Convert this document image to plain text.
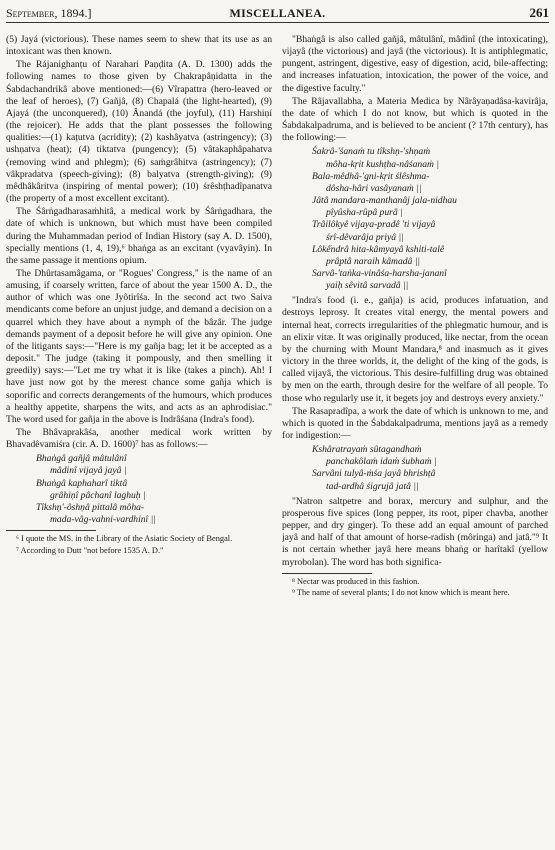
September, 1894.]	MISCELLANEA.	261

(5) Jayá (victorious). These names seem to shew that its use as an intoxicant was then known.

The Rájanighanṭu of Narahari Paṇḍita (A. D. 1300) adds the following names to those given by Chakrapâṇidatta in the Śabdachandrikâ above mentioned:—(6) Vîrapattra (hero-leaved or the leaf of heroes), (7) Gañjâ, (8) Chapalá (the light-hearted), (9) Ajayá (the unconquered), (10) Ânandá (the joyful), (11) Harshiṇí (the rejoicer). He adds that the plant possesses the following qualities:—(1) kaṭutva (acridity); (2) kashâyatva (astringency); (3) ushṇatva (heat); (4) tiktatva (pungency); (5) vâtakaphâpahatva (removing wind and phlegm); (6) saṁgrâhitva (astringency); (7) vâkpradatva (speech-giving); (8) balyatva (strength-giving); (9) mêdhâkâritva (inspiring of mental power); (10) śrêshṭhadîpanatva (the property of a most excellent excitant).

The Śârṅgadharasaṁhitâ, a medical work by Śârṅgadhara, the date of which is unknown, but which must have been compiled during the Muhammadan period of Indian History (say A. D. 1500), specially mentions (1, 4, 19),⁶ bhaṅga as an excitant (vyavâyin). In the same passage it mentions opium.

The Dhûrtasamâgama, or "Rogues' Congress," is the name of an amusing, if coarsely written, farce of about the year 1500 A. D., the author of which was one Jyôtirîśa. In the second act two Saiva mendicants come before an unjust judge, and demand a decision on a quarrel which they have about a nymph of the bâzâr. The judge demands payment of a deposit before he will give any opinion. One of the litigants says:—"Here is my gañja bag; let it be accepted as a deposit." The judge (taking it pompously, and then smelling it greedily) says:—"Let me try what it is like (takes a pinch). Ah! I have just now got by the merest chance some gañja which is soporific and corrects derangements of the humours, which produces a healthy appetite, sharpens the wits, and acts as an aphrodisiac." The word used for gañja in the above is Indrâśana (Indra's food).

The Bhâvaprakâśa, another medical work written by Bhavadêvamiśra (cir. A. D. 1600)⁷ has as follows:—

Bhaṅgâ gañjâ mâtulânî
mâdinî vijayâ jayâ |
Bhaṅgâ kaphaharî tiktâ
grâhiṇî pâchanî laghuḥ |
Tîkshṇ'-ôshṇâ pittalâ môha-
mada-vâg-vahni-vardhinî ||

⁶ I quote the MS. in the Library of the Asiatic Society of Bengal.

⁷ According to Dutt "not before 1535 A. D."

"Bhaṅgâ is also called gañjâ, mâtulânî, mâdinî (the intoxicating), vijayâ (the victorious) and jayâ (the victorious). It is antiphlegmatic, pungent, astringent, digestive, easy of digestion, acid, bile-affecting; and increases infatuation, intoxication, the power of the voice, and the digestive faculty."

The Râjavallabha, a Materia Medica by Nârâyaṇadâsa-kavirâja, the date of which I do not know, but which is quoted in the Śabdakalpadruma, and is believed to be ancient (? 17th century), has the following:—

Śakrâ-'śanaṁ tu tîkshṇ-'shṇaṁ
môha-kṛit kushṭha-nâśanaṁ |
Bala-mêdhâ-'gni-kṛit ślêshma-
dôsha-hâri vasâyanaṁ ||
Jâtâ mandara-manthanâj jala-nidhau
pîyûsha-rûpâ purâ |
Trâilôkyê vijaya-pradê 'ti vijayâ
śrî-dêvarâja priyâ ||
Lôkếndrâ hita-kâmyayâ kshiti-talê
prâptâ naraih kâmadâ ||
Sarvâ-'taṅka-vinâśa-harsha-jananî
yaiḥ sêvitâ sarvadâ ||

"Indra's food (i. e., gañja) is acid, produces infatuation, and destroys leprosy. It creates vital energy, the mental powers and internal heat, corrects irregularities of the phlegmatic humour, and is an elixir vitæ. It was originally produced, like nectar, from the ocean by the churning with Mount Mandara,⁸ and inasmuch as it gives victory in the three worlds, it, the delight of the king of the gods, is called vijayâ, the victorious. This desire-fulfilling drug was obtained by men on the earth, through desire for the welfare of all people. To those who regularly use it, it begets joy and destroys every anxiety."

The Rasapradîpa, a work the date of which is unknown to me, and which is quoted in the Śabdakalpadruma, mentions jayâ as a remedy for indigestion:—

Kshâratrayaṁ sûtagandhaṁ
panchakôlaṁ idaṁ śubhaṁ |
Sarvâni tulyâ-ṁśa jayâ bhrishṭâ
tad-ardhâ śigrujâ jatâ ||

"Natron saltpetre and borax, mercury and sulphur, and the prosperous five spices (long pepper, its root, piper chavba, another pepper, and dry ginger). To these add an equal amount of parched jayâ and half of that amount of horse-radish (môringa) and jatâ."⁹ It is not certain whether jayâ here means bhaṅg or harîtakî (yellow myrobolan). The word has both significa-

⁸ Nectar was produced in this fashion.

⁹ The name of several plants; I do not know which is meant here.
